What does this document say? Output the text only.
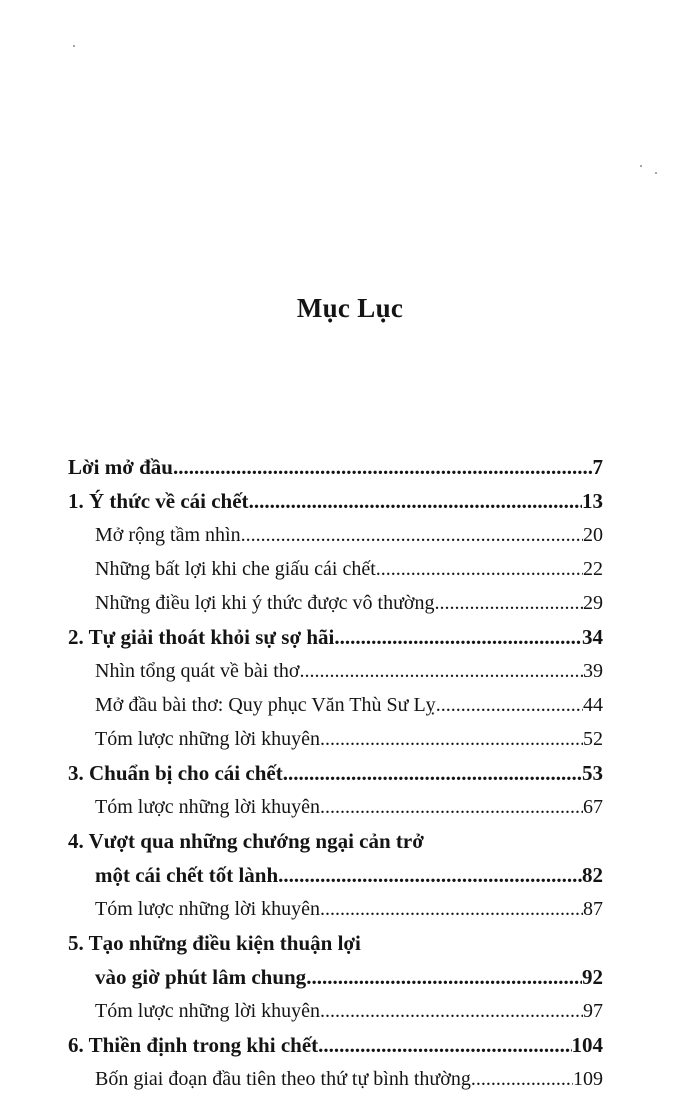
Mục Lục
Lời mở đầu .....	7
1. Ý thức về cái chết .....	13
Mở rộng tầm nhìn .....	20
Những bất lợi khi che giấu cái chết .....	22
Những điều lợi khi ý thức được vô thường .....	29
2. Tự giải thoát khỏi sự sợ hãi .....	34
Nhìn tổng quát về bài thơ .....	39
Mở đầu bài thơ: Quy phục Văn Thù Sư Lỵ .....	44
Tóm lược những lời khuyên .....	52
3. Chuẩn bị cho cái chết .....	53
Tóm lược những lời khuyên .....	67
4. Vượt qua những chướng ngại cản trở
một cái chết tốt lành .....	82
Tóm lược những lời khuyên .....	87
5. Tạo những điều kiện thuận lợi
vào giờ phút lâm chung .....	92
Tóm lược những lời khuyên .....	97
6. Thiền định trong khi chết .....	104
Bốn giai đoạn đầu tiên theo thứ tự bình thường .....	109
